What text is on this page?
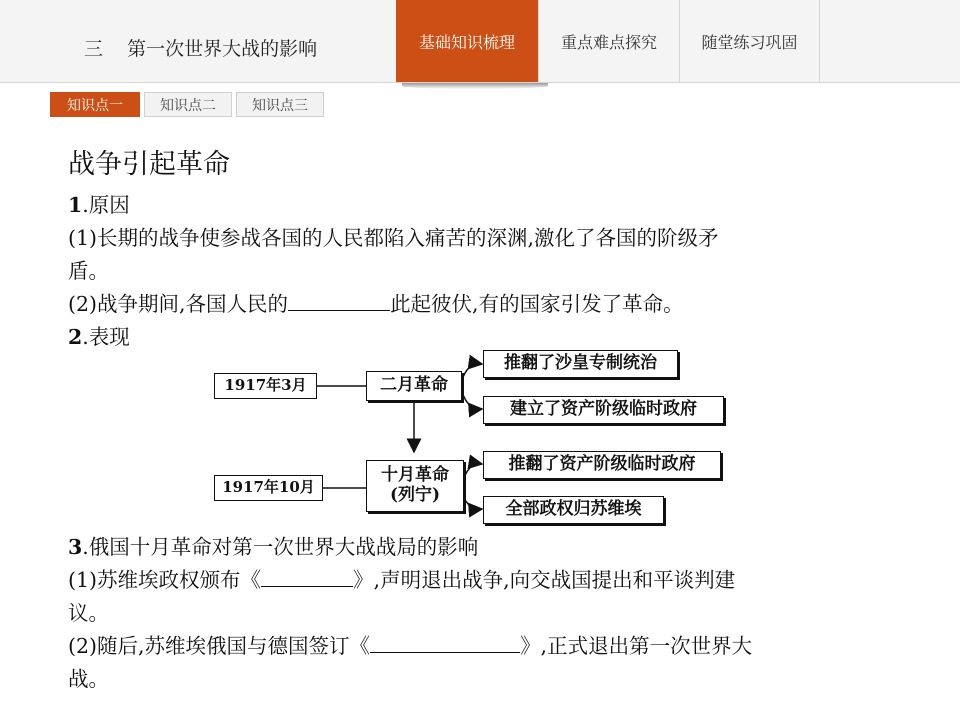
三    第一次世界大战的影响	基础知识梳理	重点难点探究	随堂练习巩固
知识点一	知识点二	知识点三
战争引起革命
1.原因
(1)长期的战争使参战各国的人民都陷入痛苦的深渊,激化了各国的阶级矛
盾。
(2)战争期间,各国人民的	此起彼伏,有的国家引发了革命。
2.表现
1917年3月	二月革命
推翻了沙皇专制统治
建立了资产阶级临时政府
1917年10月
十月革命
(列宁)
推翻了资产阶级临时政府
全部政权归苏维埃
3.俄国十月革命对第一次世界大战战局的影响
(1)苏维埃政权颁布《	》,声明退出战争,向交战国提出和平谈判建
议。
(2)随后,苏维埃俄国与德国签订《	》,正式退出第一次世界大
战。
